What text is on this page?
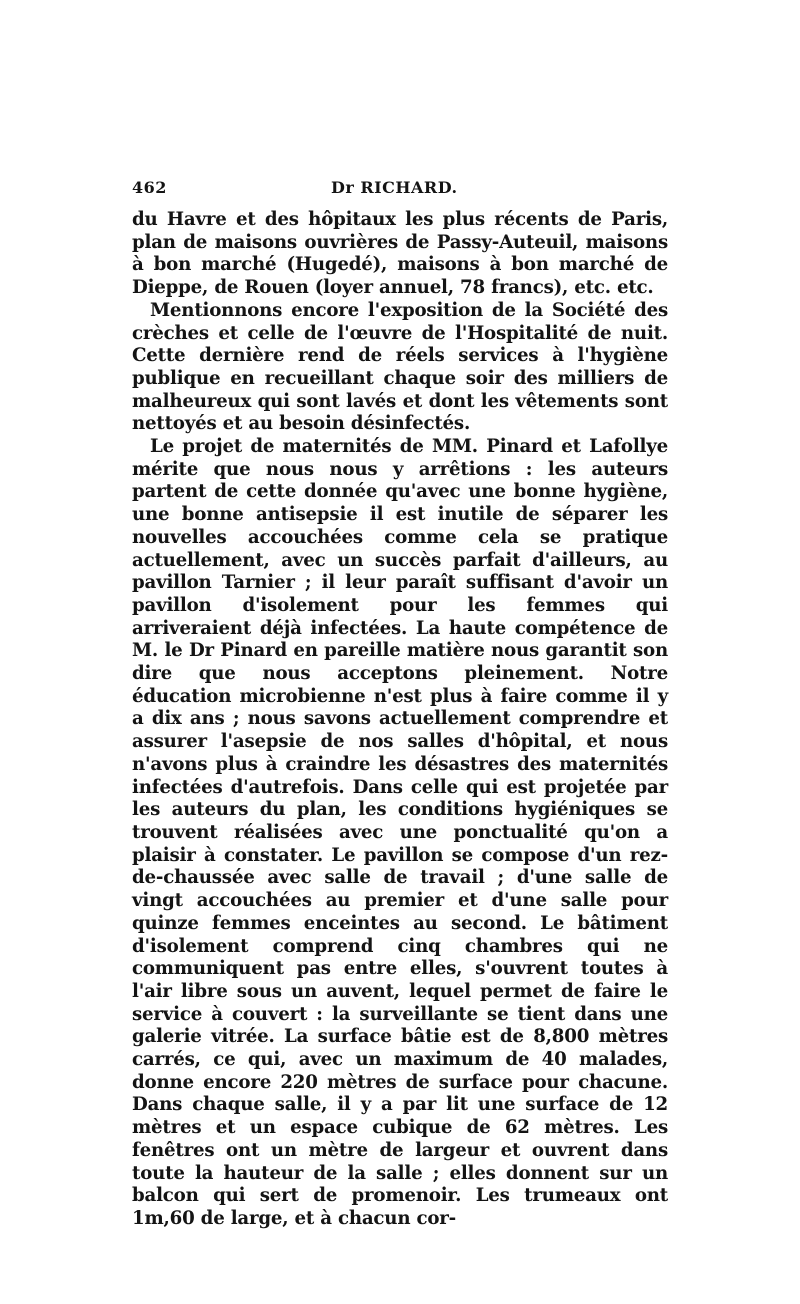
462	Dr RICHARD.

du Havre et des hôpitaux les plus récents de Paris, plan de maisons ouvrières de Passy-Auteuil, maisons à bon marché (Hugedé), maisons à bon marché de Dieppe, de Rouen (loyer annuel, 78 francs), etc. etc.

Mentionnons encore l'exposition de la Société des crèches et celle de l'œuvre de l'Hospitalité de nuit. Cette dernière rend de réels services à l'hygiène publique en recueillant chaque soir des milliers de malheureux qui sont lavés et dont les vêtements sont nettoyés et au besoin désinfectés.

Le projet de maternités de MM. Pinard et Lafollye mérite que nous nous y arrêtions : les auteurs partent de cette donnée qu'avec une bonne hygiène, une bonne antisepsie il est inutile de séparer les nouvelles accouchées comme cela se pratique actuellement, avec un succès parfait d'ailleurs, au pavillon Tarnier ; il leur paraît suffisant d'avoir un pavillon d'isolement pour les femmes qui arriveraient déjà infectées. La haute compétence de M. le Dr Pinard en pareille matière nous garantit son dire que nous acceptons pleinement. Notre éducation microbienne n'est plus à faire comme il y a dix ans ; nous savons actuellement comprendre et assurer l'asepsie de nos salles d'hôpital, et nous n'avons plus à craindre les désastres des maternités infectées d'autrefois. Dans celle qui est projetée par les auteurs du plan, les conditions hygiéniques se trouvent réalisées avec une ponctualité qu'on a plaisir à constater. Le pavillon se compose d'un rez-de-chaussée avec salle de travail ; d'une salle de vingt accouchées au premier et d'une salle pour quinze femmes enceintes au second. Le bâtiment d'isolement comprend cinq chambres qui ne communiquent pas entre elles, s'ouvrent toutes à l'air libre sous un auvent, lequel permet de faire le service à couvert : la surveillante se tient dans une galerie vitrée. La surface bâtie est de 8,800 mètres carrés, ce qui, avec un maximum de 40 malades, donne encore 220 mètres de surface pour chacune. Dans chaque salle, il y a par lit une surface de 12 mètres et un espace cubique de 62 mètres. Les fenêtres ont un mètre de largeur et ouvrent dans toute la hauteur de la salle ; elles donnent sur un balcon qui sert de promenoir. Les trumeaux ont 1m,60 de large, et à chacun cor-
